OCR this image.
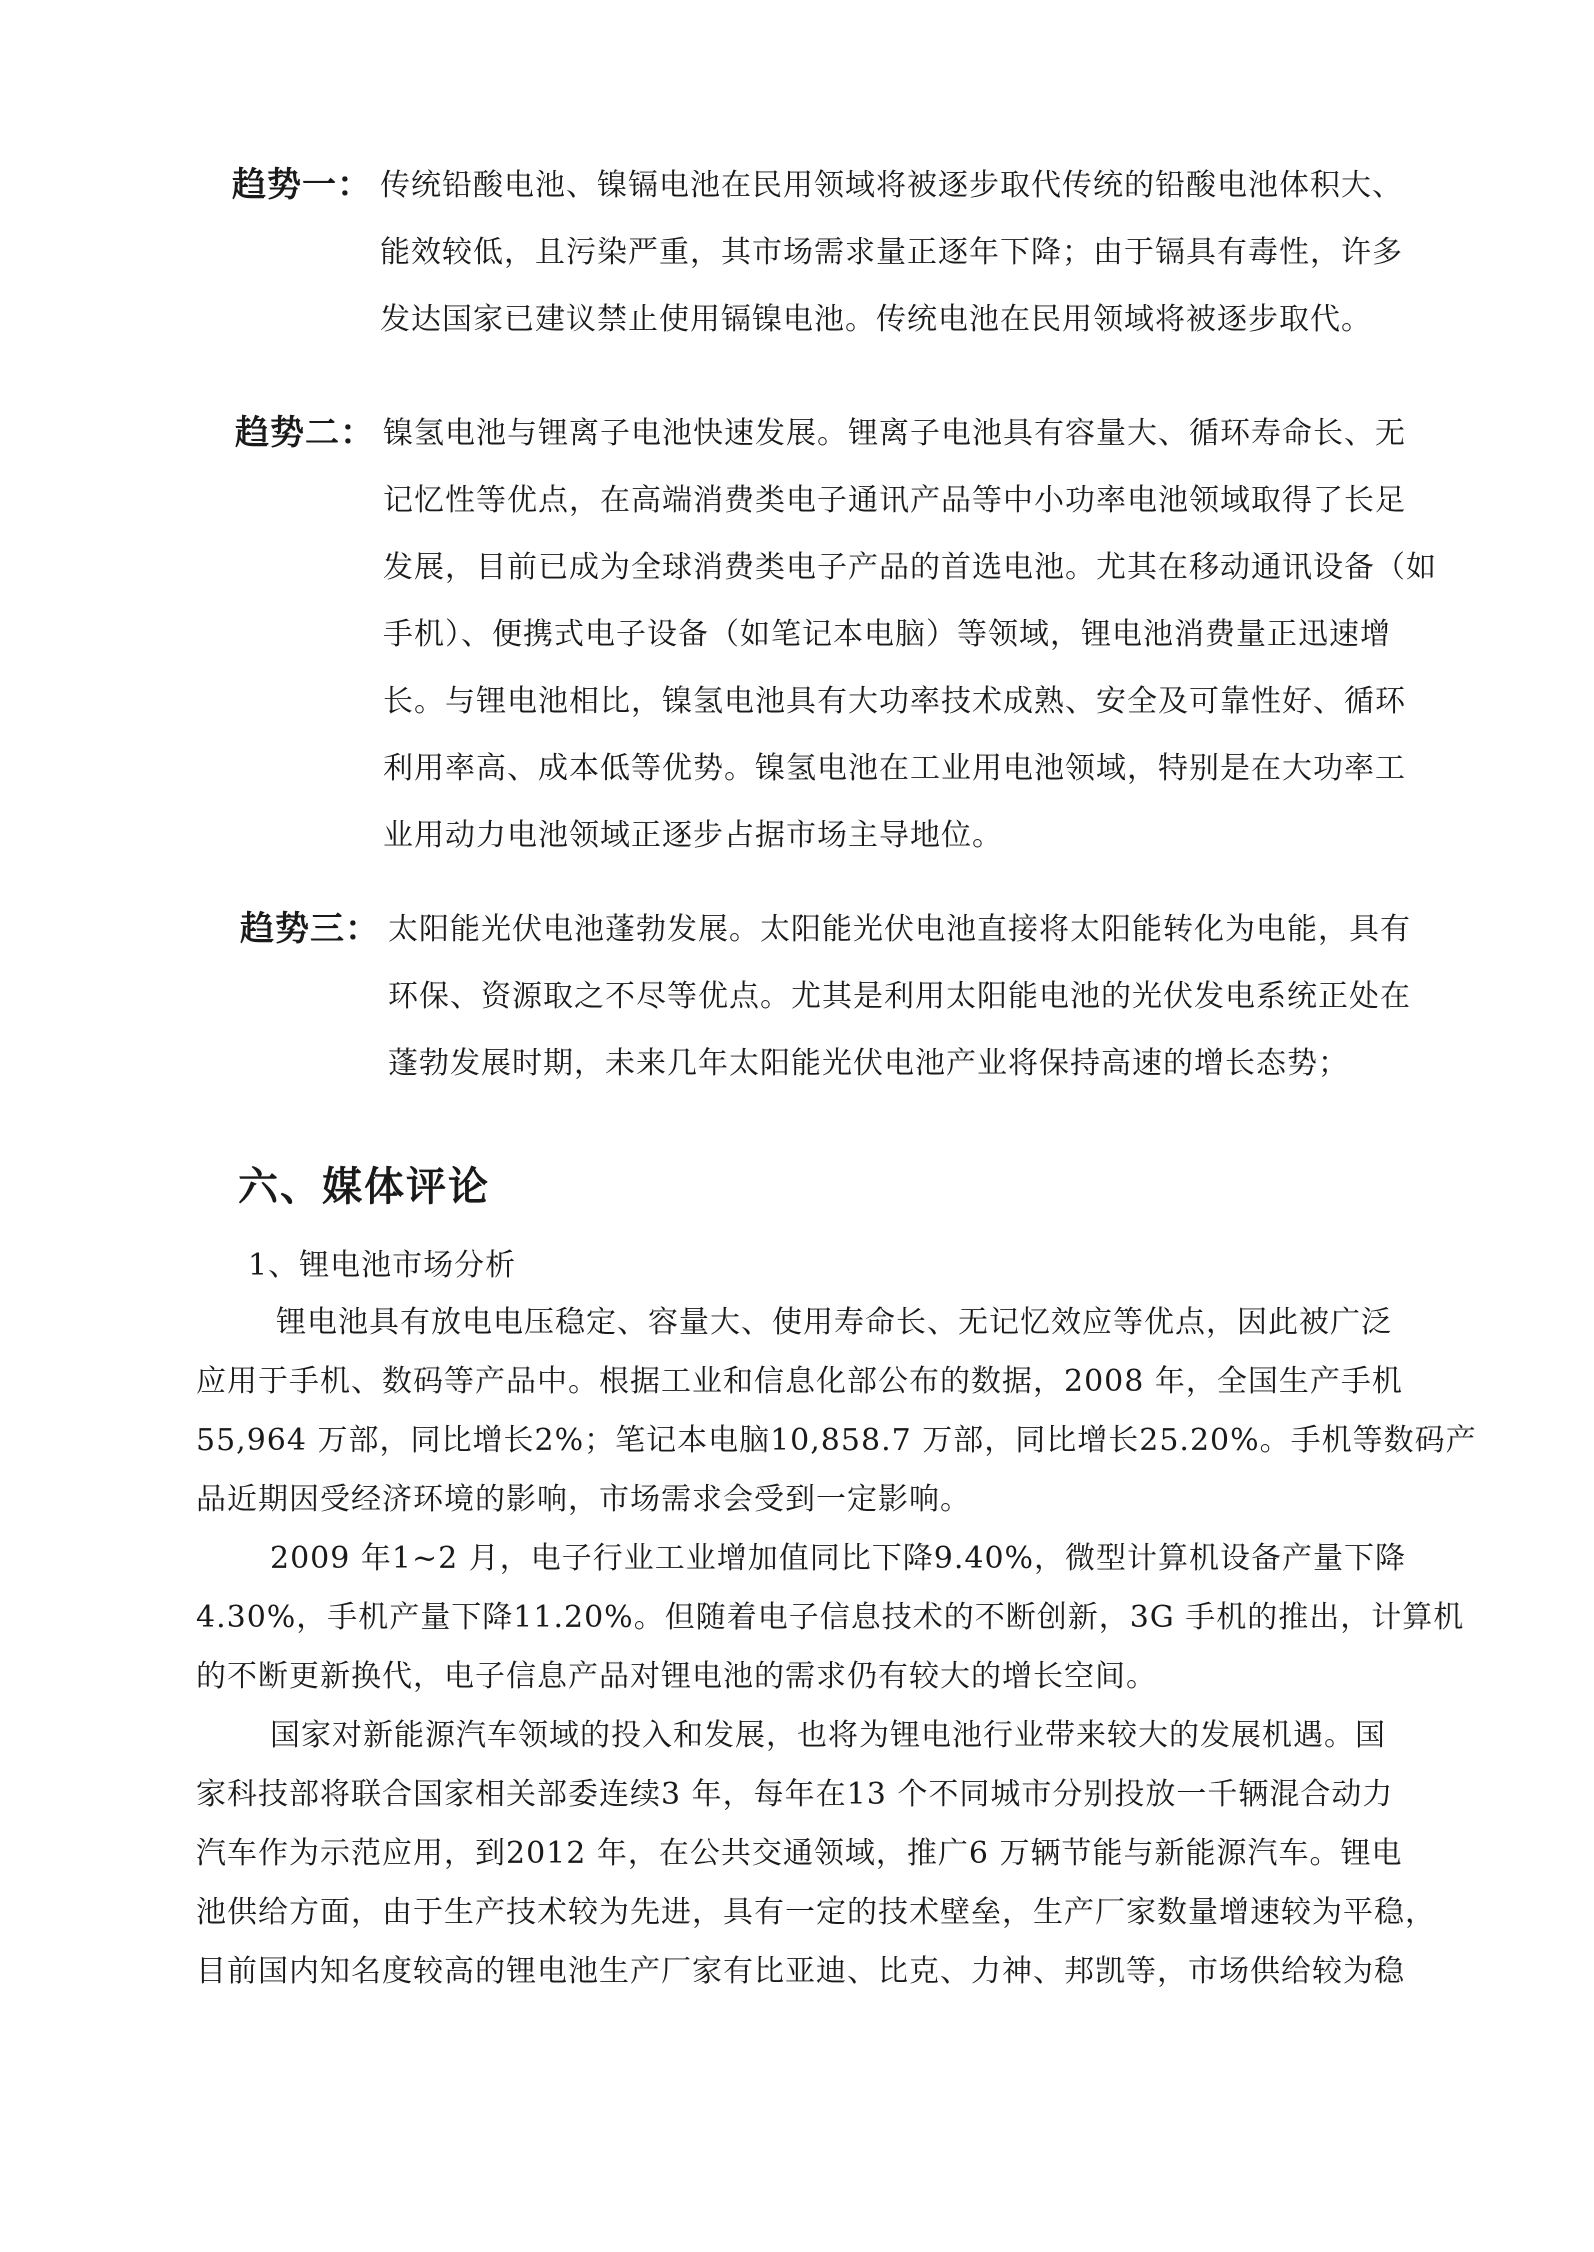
趋势一： 传统铅酸电池、镍镉电池在民用领域将被逐步取代传统的铅酸电池体积大、
能效较低，且污染严重，其市场需求量正逐年下降；由于镉具有毒性，许多
发达国家已建议禁止使用镉镍电池。传统电池在民用领域将被逐步取代。
趋势二： 镍氢电池与锂离子电池快速发展。锂离子电池具有容量大、循环寿命长、无
记忆性等优点，在高端消费类电子通讯产品等中小功率电池领域取得了长足
发展，目前已成为全球消费类电子产品的首选电池。尤其在移动通讯设备（如
手机）、便携式电子设备（如笔记本电脑）等领域，锂电池消费量正迅速增
长。与锂电池相比，镍氢电池具有大功率技术成熟、安全及可靠性好、循环
利用率高、成本低等优势。镍氢电池在工业用电池领域，特别是在大功率工
业用动力电池领域正逐步占据市场主导地位。
趋势三： 太阳能光伏电池蓬勃发展。太阳能光伏电池直接将太阳能转化为电能，具有
环保、资源取之不尽等优点。尤其是利用太阳能电池的光伏发电系统正处在
蓬勃发展时期，未来几年太阳能光伏电池产业将保持高速的增长态势；
六、媒体评论
1、锂电池市场分析
锂电池具有放电电压稳定、容量大、使用寿命长、无记忆效应等优点，因此被广泛
应用于手机、数码等产品中。根据工业和信息化部公布的数据，2008 年，全国生产手机
55,964 万部，同比增长2%；笔记本电脑10,858.7 万部，同比增长25.20%。手机等数码产
品近期因受经济环境的影响，市场需求会受到一定影响。
2009 年1~2 月，电子行业工业增加值同比下降9.40%，微型计算机设备产量下降
4.30%，手机产量下降11.20%。但随着电子信息技术的不断创新，3G 手机的推出，计算机
的不断更新换代，电子信息产品对锂电池的需求仍有较大的增长空间。
国家对新能源汽车领域的投入和发展，也将为锂电池行业带来较大的发展机遇。国
家科技部将联合国家相关部委连续3 年，每年在13 个不同城市分别投放一千辆混合动力
汽车作为示范应用，到2012 年，在公共交通领域，推广6 万辆节能与新能源汽车。锂电
池供给方面，由于生产技术较为先进，具有一定的技术壁垒，生产厂家数量增速较为平稳，
目前国内知名度较高的锂电池生产厂家有比亚迪、比克、力神、邦凯等，市场供给较为稳
